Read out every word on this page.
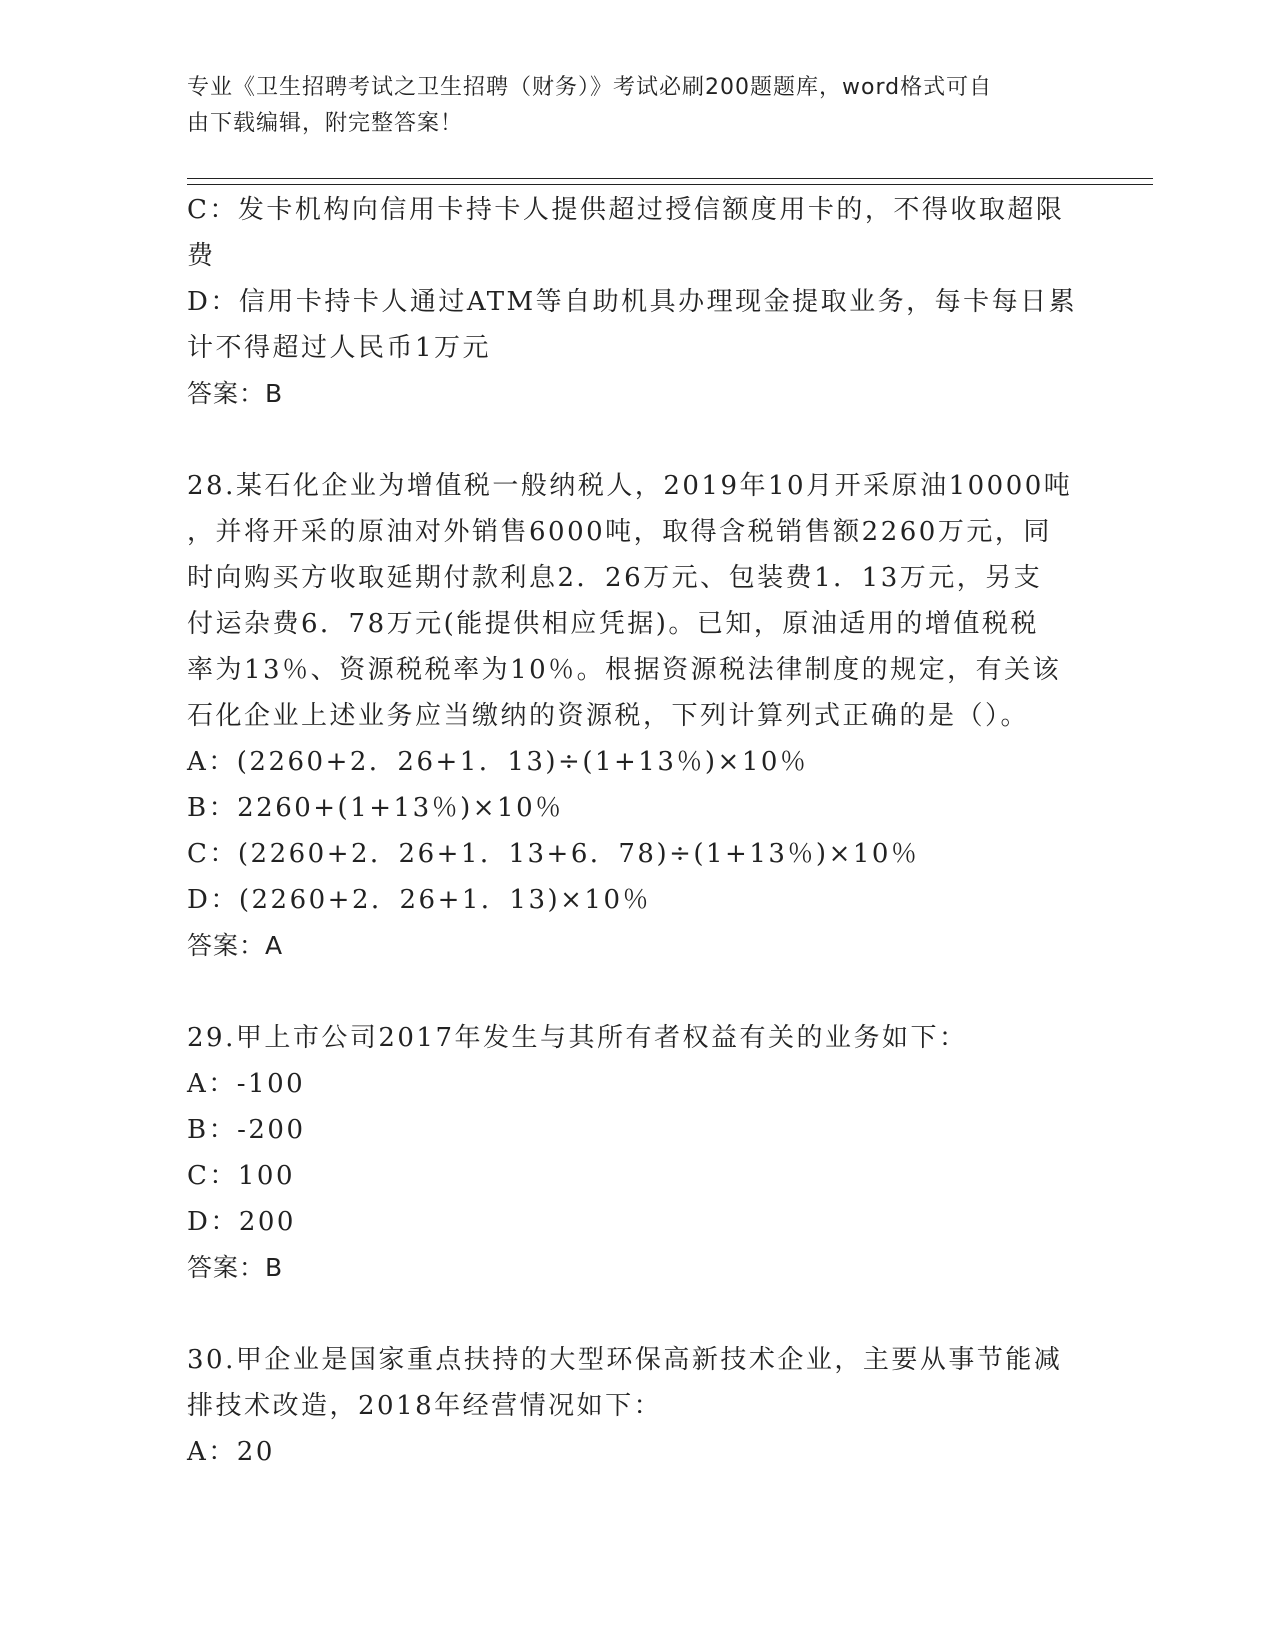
专业《卫生招聘考试之卫生招聘（财务）》考试必刷200题题库，word格式可自
由下载编辑，附完整答案！
C：发卡机构向信用卡持卡人提供超过授信额度用卡的，不得收取超限
费
D：信用卡持卡人通过ATM等自助机具办理现金提取业务，每卡每日累
计不得超过人民币1万元
答案：B
28.某石化企业为增值税一般纳税人，2019年10月开采原油10000吨
，并将开采的原油对外销售6000吨，取得含税销售额2260万元，同
时向购买方收取延期付款利息2．26万元、包装费1．13万元，另支
付运杂费6．78万元(能提供相应凭据)。已知，原油适用的增值税税
率为13％、资源税税率为10％。根据资源税法律制度的规定，有关该
石化企业上述业务应当缴纳的资源税，下列计算列式正确的是（）。
A：(2260+2．26+1．13)÷(1+13％)×10％
B：2260+(1+13％)×10％
C：(2260+2．26+1．13+6．78)÷(1+13％)×10％
D：(2260+2．26+1．13)×10％
答案：A
29.甲上市公司2017年发生与其所有者权益有关的业务如下：
A：-100
B：-200
C：100
D：200
答案：B
30.甲企业是国家重点扶持的大型环保高新技术企业，主要从事节能减
排技术改造，2018年经营情况如下：
A：20
